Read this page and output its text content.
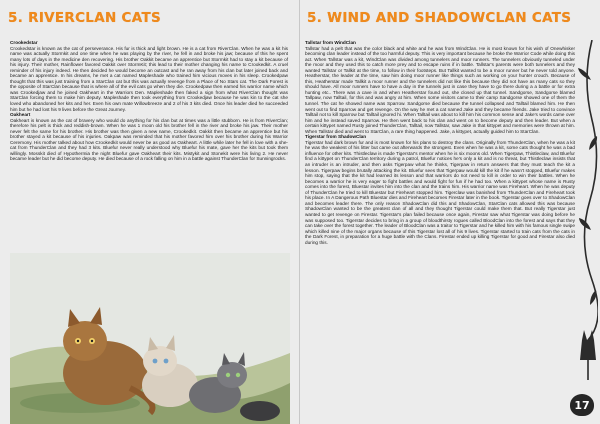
5. RIVERCLAN CATS

Crookedstar

Crookedstar is known as the cat of perseverance. His fur is thick and light brown. He is a cat from RiverClan. When he was a kit his name was actually Stormkit and one time when he was playing by the river, he fell in and broke his jaw; because of this he spent many lots of days in the medicine den recovering. His brother Oakkit became an apprentice but Stormkit had to stay a kit because of his injury. Their mother, Rainflower favored Oakkit over StormKit; this lead to their mother changing his name to Crookedkit. A cruel reminder of his injury indeed. He then decided he would become an outcast and he ran away from his clan but later joined back and became an apprentice. In his dreams, he met a cat named Mapleshade who trained him vicious moves in his sleep. Crookedpaw thought that this was just training from a StarClan cat but this was actually revenge from a Place of No Stars cat. The Dark Forest is the opposite of StarClan because that is where all of the evil cats go when they die. Crookedpaw then earned his warrior name which was Crookedjaw and he joined Oakheart in the Warriors Den. Mapleshade then faked a sign from what RiverClan thought was StarClan forcing them to make him deputy. Mapleshade then took everything from Crookedjaw because he was kin to the cat she loved who abandoned her kits and her. Even his own mate Willowbreeze and 2 of his 3 kits died. Once his leader died he succeeded him but he had lost his 9 lives before the Great Journey.

Oakheart

Oakheart is known as the cat of bravery who would do anything for his clan but at times was a little stubborn. He is from RiverClan; therefore his pelt is thick and reddish-brown. When he was 1 moon old his brother fell in the river and broke his jaw. Their mother never felt the same for his brother. His brother was then given a new name, Crookedkit. Oakkit then became an apprentice but his brother stayed a kit because of his injuries. Oakpaw was reminded that his mother favored him over his brother during his Warrior Ceremony. His mother talked about how Crookedkit would never be as good as Oakheart. A little while later he fell in love with a she-cat from ThunderClan and they had 3 kits. Bluefur never really understood why Bluefur his mate, gave her the kits but took them willingly. Mosskit died of Hypothermia the night Bluefur gave Oakheart their kits. Mistykit and Stonekit were his living 2. He never became leader but he did become deputy. He died because of a rock falling on him in a battle against ThunderClan for Sunningrocks.

5. WIND AND SHADOWCLAN CATS

Tallstar from WindClan

Tallstar had a pelt that was the color black and white and he was from WindClan. He is most known for his wish of Onewhisker becoming clan leader instead of the too harmful deputy. This is very important because he broke the Warrior Code while doing this act. When Tallstar was a kit, WindClan was divided among tunnelers and moor runners. The tunnelers obviously tunneled under the moor and they used this to catch more prey and to escape ruins if in battle. Tallstar's parents were both tunnelers and they wanted Tallstar or Tallkit at the time, to follow in their footsteps. But Tallkit wanted to be a moor runner but he never told anyone. Heatherstar, the leader at the time, saw him doing moor runner like things such as working on your hunter crouch. Because of this, Heatherstar made Tallkit a moor runner and the tunnelers did not like this because they did not have as many cats so they should have. All moor runners have to have a day in the tunnels just in case they have to go there during a a battle or for extra hunting etc.. There was a cave in and when Heatherstar found out, she closed up that tunnel. Sandgorse, Sandgorse blamed Tallpaw, now Talltail, for this and was angry at him. When some visitors came to their camp Sandgorse showed one of them the tunnel. The cat he showed name was Sparrow. Sandgorse died because the tunnel collapsed and Talltail blamed him. He then went out to find Sparrow and get revenge. On the way he met a cat named Jake and they became friends. Jake tried to convince Talltail not to kill Sparrow but Talltail ignored hi. When Talltail was about to kill him his common sense and Jake's words came over him and he instead saved Sparrow. He then went back to his clan and went on to become deputy and then leader. But when a certain kittypet named Rusty joined ThunderClan, Talltail, now Tallstar, saw Jake in that kittypet and memories were thrown at him. When Tallstar died and went to StarClan, a rare thing happened. Jake, a kittypet, actually guided him to StarClan.

Tigerstar from ShadowClan

Tigerstar had dark brown fur and is most known for his plans to destroy the clans. Originally from ThunderClan, when he was a kit he was the weakest of his litter but came out afterwards the strongest. Even when he was a kit, some cats thought he was a bad influence for other kits. Thistleclaw is made Tigerstar's mentor when he is six moons old. When Tigerpaw, Thistleclaw, and Bluefur find a kittypet on ThunderClan territory during a patrol, Bluefur notices he's only a kit and is no threat, but Thistleclaw insists that an intruder is an intruder, and then asks Tigerpaw what he thinks, Tigerpaw in return answers that they must teach the kit a lesson. Tigerpaw begins brutally attacking the kit. Bluefur sees that Tigerpaw would kill the kit if he wasn't stopped, Bluefur makes him stop, saying that the kit had learned its lesson and that warriors do not need to kill in order to win their battles. When he becomes a warrior he is very eager to fight battles and would fight for fun if he had too. When a kittypet whose name is Rusty comes into the forest, Bluestar invites him into the clan and the trains him. His warrior name was Fireheart. When he was deputy of ThunderClan he tried to kill Bluestar but Fireheart stopped him. Tigerclaw was banished from ThunderClan and Fireheart took his place. In A Dangerous Path Bluestar dies and Fireheart becomes Firestar later in the book. Tigerstar goes over to ShadowClan and becomes leader there. The only reason ShadowClan did this and ShadowClan, StarClan cats allowed this was because ShadowClan wanted to be the greatest clan of all and they thought Tigerstar could make them that. But really Tigerstar just wanted to get revenge on Firestar. Tigerstar's plan failed because once again, Firestar saw what Tigerstar was doing before he was supposed too. Tigerstar decides to bring in a group of bloodthirsty rogues called BloodClan into the forest and says that they can take over the forest together. The leader of BloodClan was a traitor to Tigerstar and he killed him with his famous single swipe which killed nine of the major organs because of this Tigerstar lost all of his 9 lives. Tigerstar started to train cats from the cats in the Dark Forest, in preparation for a huge battle with the Clans. Firestar ended up killing Tigerstar for good and Firestar also died during this.

17
